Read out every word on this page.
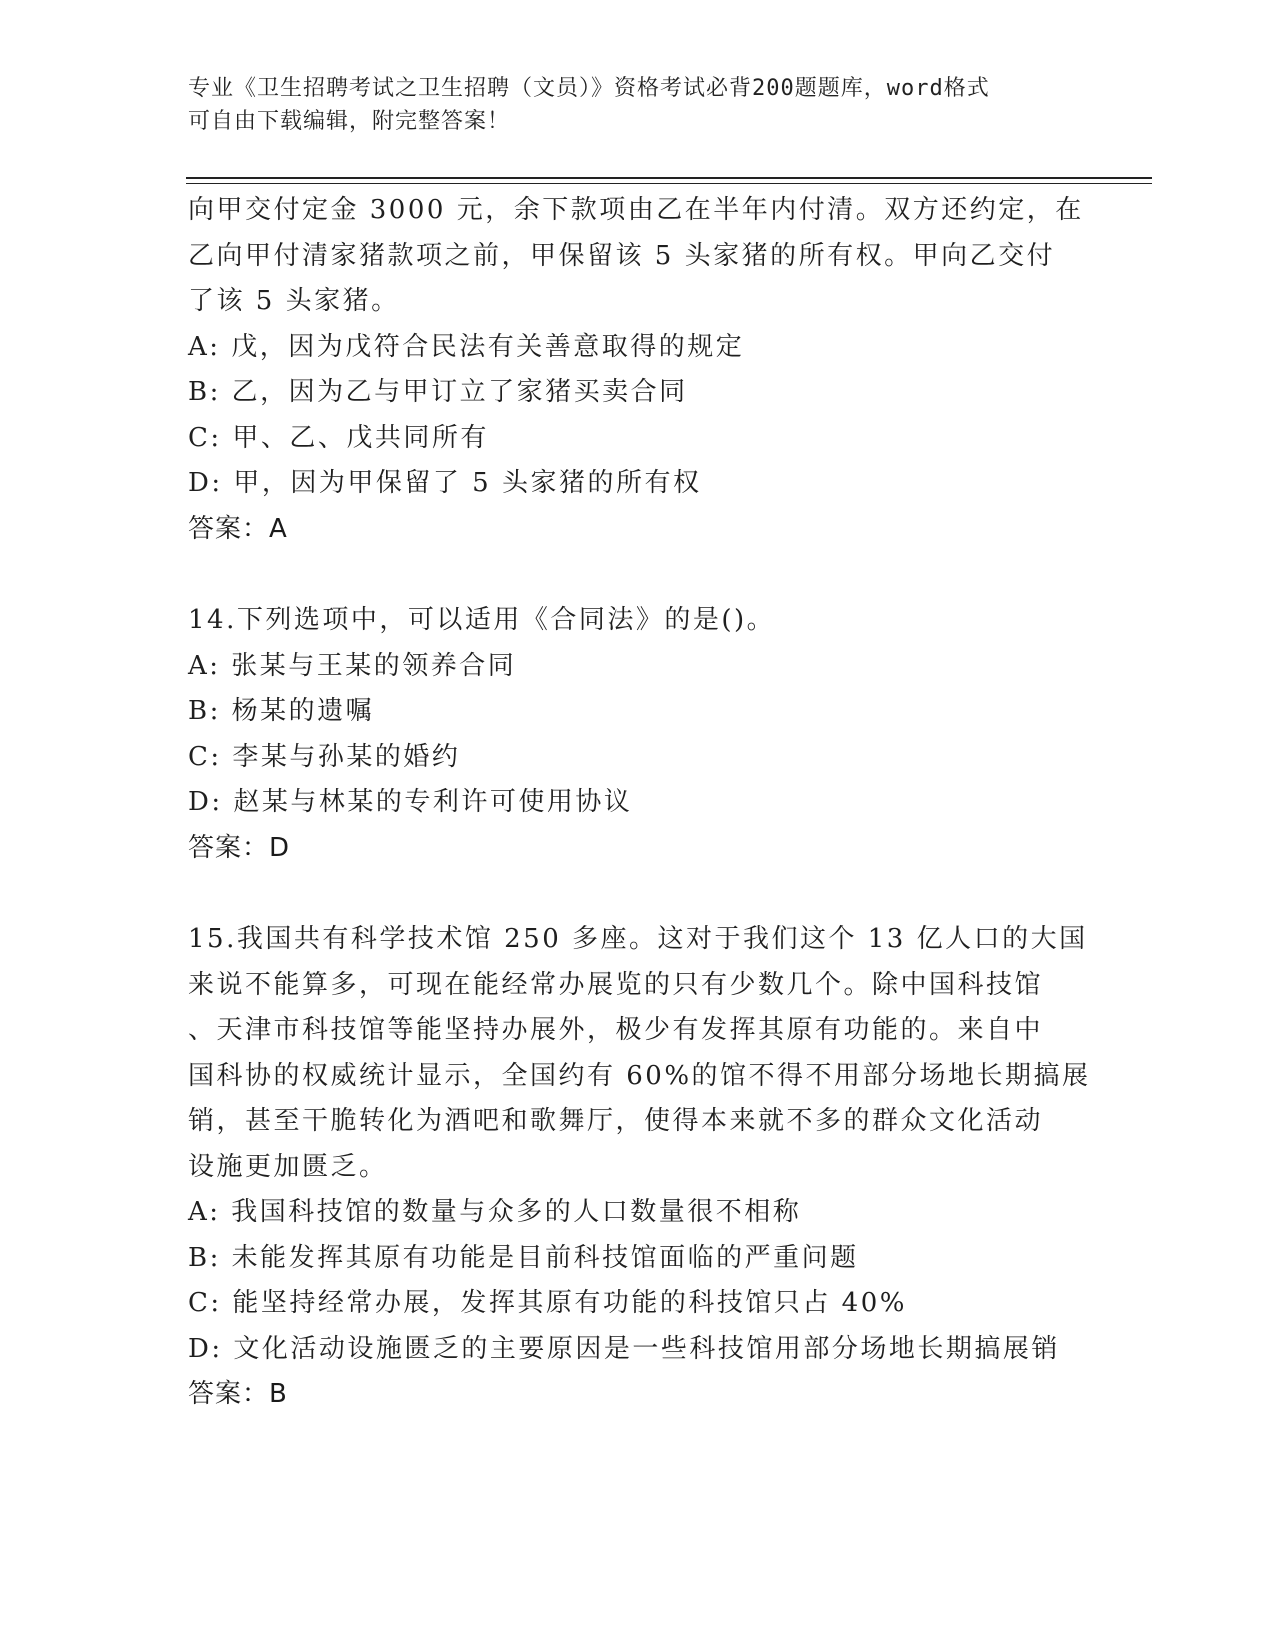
专业《卫生招聘考试之卫生招聘（文员）》资格考试必背200题题库，word格式
可自由下载编辑，附完整答案！
向甲交付定金 3000 元，余下款项由乙在半年内付清。双方还约定，在
乙向甲付清家猪款项之前，甲保留该 5 头家猪的所有权。甲向乙交付
了该 5 头家猪。
A: 戊，因为戊符合民法有关善意取得的规定
B: 乙，因为乙与甲订立了家猪买卖合同
C: 甲、乙、戊共同所有
D: 甲，因为甲保留了 5 头家猪的所有权
答案：A
14.下列选项中，可以适用《合同法》的是()。
A: 张某与王某的领养合同
B: 杨某的遗嘱
C: 李某与孙某的婚约
D: 赵某与林某的专利许可使用协议
答案：D
15.我国共有科学技术馆 250 多座。这对于我们这个 13 亿人口的大国
来说不能算多，可现在能经常办展览的只有少数几个。除中国科技馆
、天津市科技馆等能坚持办展外，极少有发挥其原有功能的。来自中
国科协的权威统计显示，全国约有 60%的馆不得不用部分场地长期搞展
销，甚至干脆转化为酒吧和歌舞厅，使得本来就不多的群众文化活动
设施更加匮乏。
A: 我国科技馆的数量与众多的人口数量很不相称
B: 未能发挥其原有功能是目前科技馆面临的严重问题
C: 能坚持经常办展，发挥其原有功能的科技馆只占 40%
D: 文化活动设施匮乏的主要原因是一些科技馆用部分场地长期搞展销
答案：B
